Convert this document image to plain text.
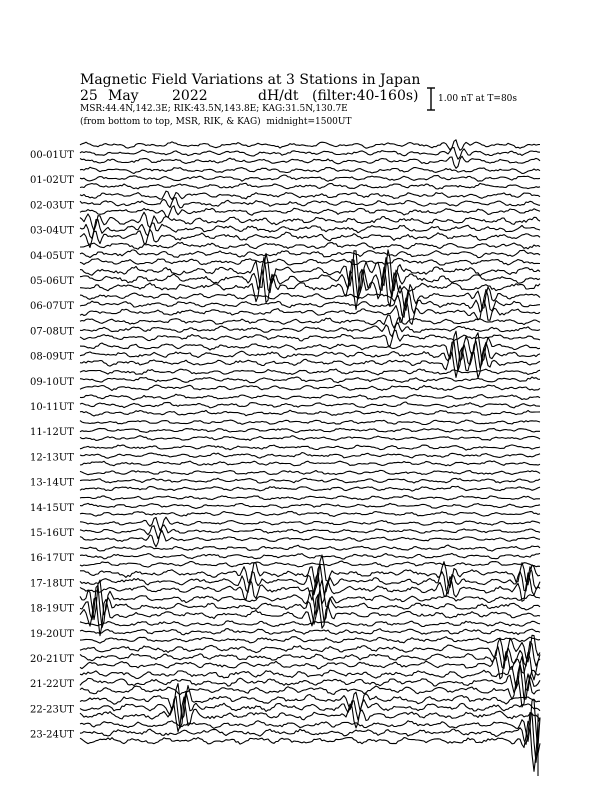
Magnetic Field Variations at 3 Stations in Japan
25 May 2022	dH/dt (filter:40-160s)
MSR:44.4N,142.3E; RIK:43.5N,143.8E; KAG:31.5N,130.7E
(from bottom to top, MSR, RIK, & KAG) midnight=1500UT
1.00 nT at T=80s
00-01UT
01-02UT
02-03UT
03-04UT
04-05UT
05-06UT
06-07UT
07-08UT
08-09UT
09-10UT
10-11UT
11-12UT
12-13UT
13-14UT
14-15UT
15-16UT
16-17UT
17-18UT
18-19UT
19-20UT
20-21UT
21-22UT
22-23UT
23-24UT
